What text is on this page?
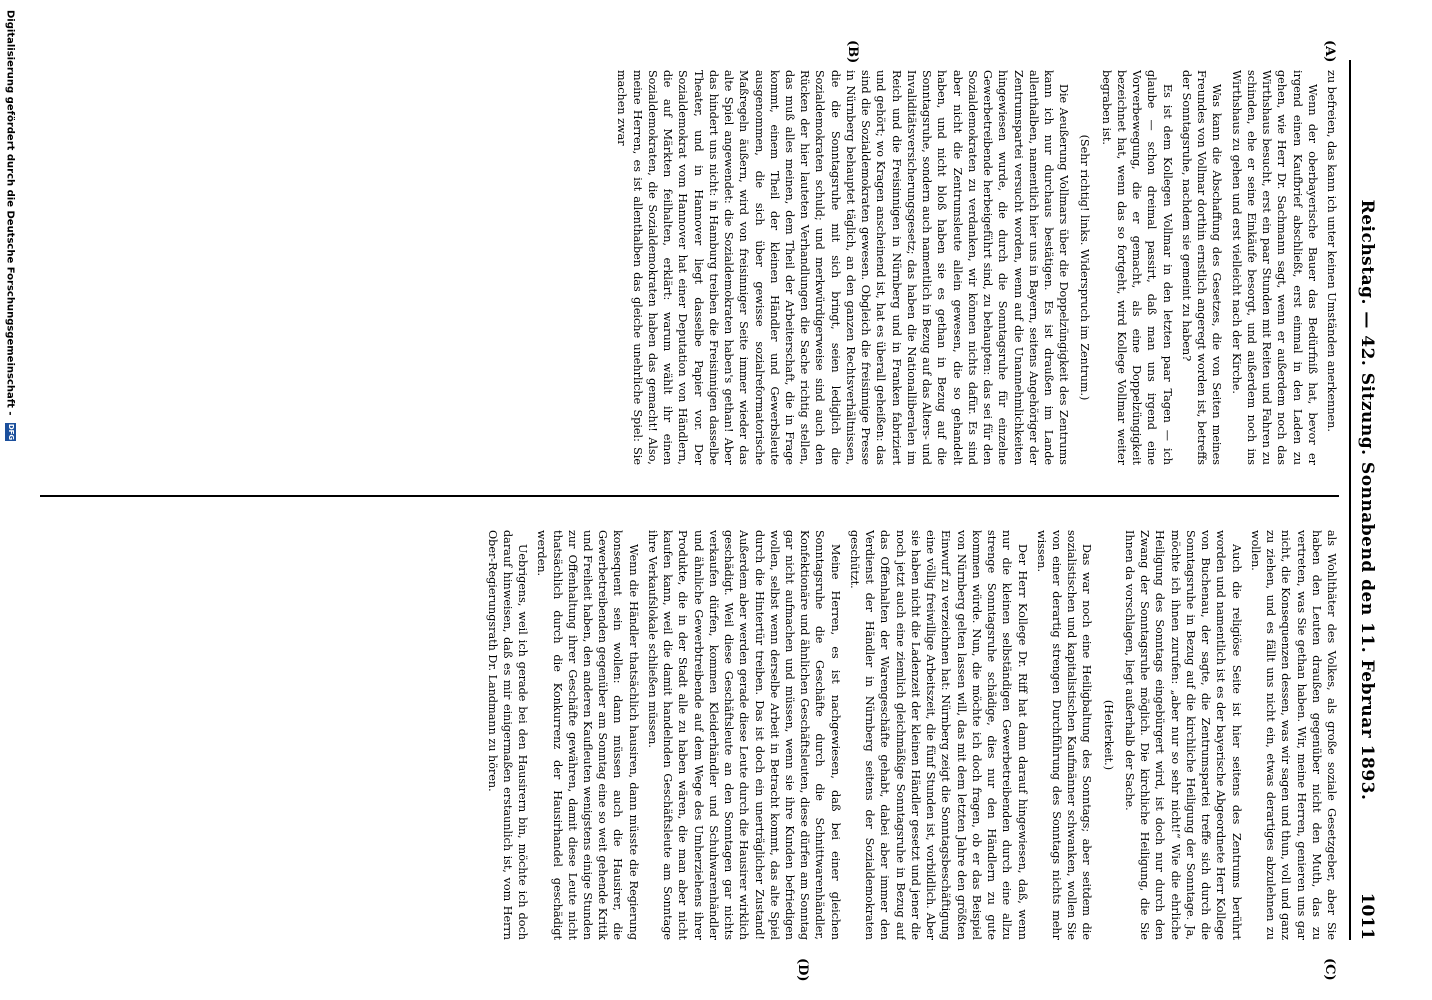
Reichstag. — 42. Sitzung. Sonnabend den 11. Februar 1893.
1011
(A)
(B)
(C)
(D)

zu befreien, das kann ich unter keinen Umständen anerkennen.

Wenn der oberbayerische Bauer das Bedürfniß hat, bevor er irgend einen Kaufbrief abschließt, erst einmal in den Laden zu gehen, wie Herr Dr. Sachmann sagt, wenn er außerdem noch das Wirthshaus besucht, erst ein paar Stunden mit Reiten und Fahren zu schinden, ehe er seine Einkäufe besorgt, und außerdem noch ins Wirthshaus zu gehen und erst vielleicht nach der Kirche.

Was kann die Abschaffung des Gesetzes, die von Seiten meines Freundes von Vollmar dorthin ernstlich angeregt worden ist, betreffs der Sonntagsruhe, nachdem sie gemeint zu haben?

Es ist dem Kollegen Vollmar in den letzten paar Tagen — ich glaube — schon dreimal passirt, daß man uns irgend eine Vorverbewegung, die er gemacht, als eine Doppelzüngigkeit bezeichnet hat, wenn das so fortgeht, wird Kollege Vollmar weiter begraben ist.

(Sehr richtig! links. Widerspruch im Zentrum.)

Die Aeußerung Vollmars über die Doppelzüngigkeit des Zentrums kann ich nur durchaus bestätigen. Es ist draußen im Lande allenthalben, namentlich hier uns in Bayern, seitens Angehöriger der Zentrumspartei versucht worden, wenn auf die Unannehmlichkeiten hingewiesen wurde, die durch die Sonntagsruhe für einzelne Gewerbetreibende herbeigeführt sind, zu behaupten: das sei für den Sozialdemokraten zu verdanken, wir können nichts dafür. Es sind aber nicht die Zentrumsleute allein gewesen, die so gehandelt haben, und nicht bloß haben sie es gethan in Bezug auf die Sonntagsruhe, sondern auch namentlich in Bezug auf das Alters- und Invaliditätsversicherungsgesetz; das haben die Nationalliberalen im Reich und die Freisinnigen in Nürnberg und in Franken fabriziert und gehört; wo Kragen anscheinend ist, hat es überall geheißen: das sind die Sozialdemokraten gewesen. Obgleich die freisinnige Presse in Nürnberg behauptet täglich, an den ganzen Rechtsverhältnissen, die die Sonntagsruhe mit sich bringt, seien lediglich die Sozialdemokraten schuld; und merkwürdigerweise sind auch den Rücken der hier lauteten Verhandlungen die Sache richtig stellen, das muß alles meinen, dem Theil der Arbeiterschaft, die in Frage kommt, einem Theil der kleinen Händler und Gewerbsleute ausgenommen, die sich über gewisse sozialreformatorische Maßregeln äußern, wird von freisinniger Seite immer wieder das alte Spiel angewendet: die Sozialdemokraten haben's gethan! Aber das hindert uns nicht: in Hamburg treiben die Freisinnigen dasselbe Theater, und in Hannover liegt dasselbe Papier vor. Der Sozialdemokrat vom Hannover hat einer Deputation von Händlern, die auf Märkten feilhalten, erklärt: warum wählt ihr einen Sozialdemokraten, die Sozialdemokraten haben das gemacht! Also, meine Herren, es ist allenthalben das gleiche unehrliche Spiel: Sie machen zwar

als Wohlthäter des Volkes, als große soziale Gesetzgeber, aber Sie haben den Leuten draußen gegenüber nicht den Muth, das zu vertreten, was Sie gethan haben. Wir, meine Herren, genieren uns gar nicht, die Konsequenzen dessen, was wir sagen und thun, voll und ganz zu ziehen, und es fällt uns nicht ein, etwas derartiges abzulehnen zu wollen.

Auch die religiöse Seite ist hier seitens des Zentrums berührt worden und namentlich ist es der bayerische Abgeordnete Herr Kollege von Buchenau, der sagte, die Zentrumspartei treffe sich durch die Sonntagsruhe in Bezug auf die kirchliche Heiligung der Sonntage. Ja, möchte ich ihnen zurufen: „aber nur so sehr nicht!“ Wie die ehrliche Heiligung des Sonntags eingebürgert wird, ist doch nur durch den Zwang der Sonntagsruhe möglich. Die kirchliche Heiligung, die Sie Ihnen da vorschlagen, liegt außerhalb der Sache.

(Heiterkeit.)

Das war noch eine Heiligbaltung des Sonntags; aber seitdem die sozialistischen und kapitalistischen Kaufmänner schwanken, wollen Sie von einer derartig strengen Durchführung des Sonntags nichts mehr wissen.

Der Herr Kollege Dr. Riff hat dann darauf hingewiesen, daß, wenn nur die kleinen selbständigen Gewerbetreibenden durch eine allzu strenge Sonntagsruhe schädige, dies nur den Händlern zu gute kommen würde. Nun, die möchte ich doch fragen, ob er das Beispiel von Nürnberg gelten lassen will, das mit dem letzten Jahre den größten Einwurf zu verzeichnen hat: Nürnberg zeigt die Sonntagsbeschäftigung eine völlig freiwillige Arbeitszeit, die fünf Stunden ist, vorbildlich. Aber sie haben nicht die Ladenzeit der kleinen Händler gesetzt und jener die noch jetzt auch eine ziemlich gleichmäßige Sonntagsruhe in Bezug auf das Offenhalten der Warengeschäfte gehabt, dabei aber immer den Verdienst der Händler in Nürnberg seitens der Sozialdemokraten geschützt.

Meine Herren, es ist nachgewiesen, daß bei einer gleichen Sonntagsruhe die Geschäfte durch die Schnittwarenhändler, Konfektionäre und ähnlichen Geschäftsleuten, diese dürfen am Sonntag gar nicht aufmachen und müssen, wenn sie ihre Kunden befriedigen wollen, selbst wenn derselbe Arbeit in Betracht kommt, das alte Spiel durch die Hintertür treiben. Das ist doch ein unerträglicher Zustand! Außerdem aber werden gerade diese Leute durch die Hausirer wirklich geschädigt. Weil diese Geschäftsleute an den Sonntagen gar nichts verkaufen dürfen, kommen Kleiderhändler und Schuhwarenhändler und ähnliche Gewerbtreibende auf dem Wege des Umherziehens ihrer Produkte, die in der Stadt alle zu haben wären, die man aber nicht kaufen kann, weil die damit handelnden Geschäftsleute am Sonntage ihre Verkaufslokale schließen müssen.

Wenn die Händler thatsächlich hausiren, dann müsste die Regierung konsequent sein wollen: dann müssen auch die Hausirer, die Gewerbetreibenden gegenüber am Sonntag eine so weit gehende Kritik und Freiheit haben, den anderen Kaufleuten wenigstens einige Stunden zur Offenhaltung ihrer Geschäfte gewähren, damit diese Leute nicht thatsächlich durch die Konkurrenz der Hausirhandel geschädigt werden.

Uebrigens, weil ich gerade bei den Hausirern bin, möchte ich doch darauf hinweisen, daß es mir einigermaßen erstaunlich ist, vom Herrn Ober-Regierungsrath Dr. Landmann zu hören.

Digitalisierung gefördert durch die Deutsche Forschungsgemeinschaft - DFG
